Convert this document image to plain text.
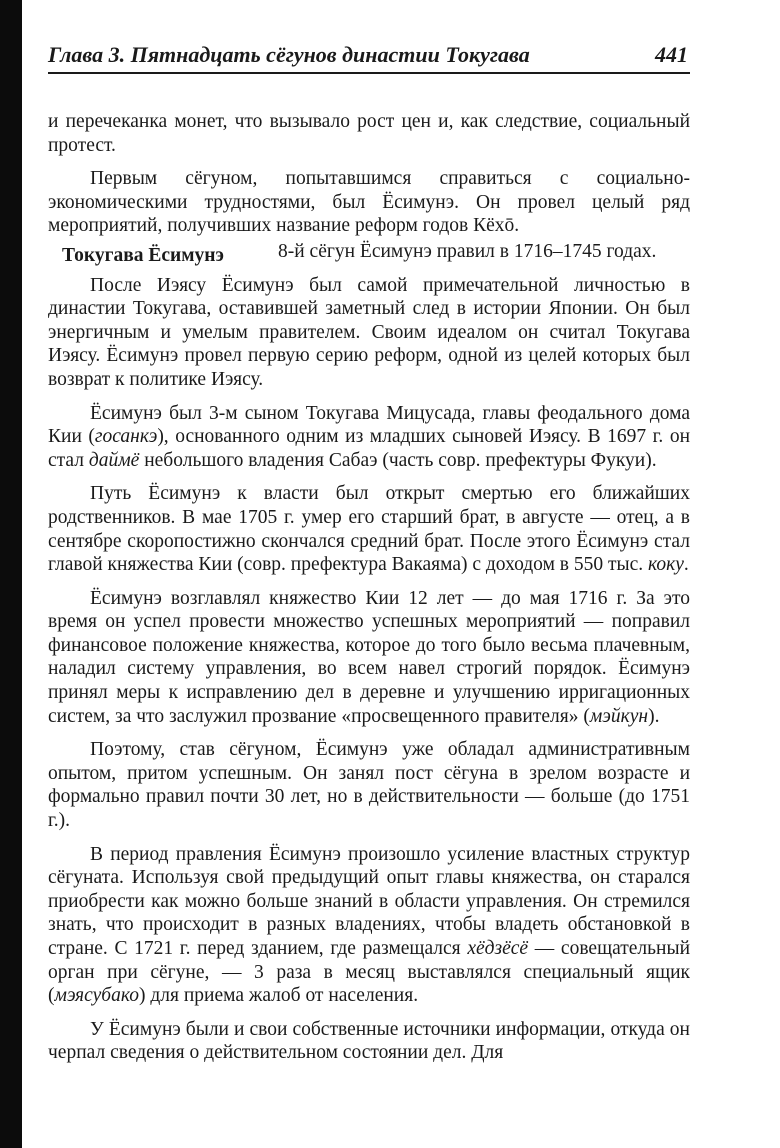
Глава 3. Пятнадцать сёгунов династии Токугава	441

и перечеканка монет, что вызывало рост цен и, как следствие, социальный протест.

Первым сёгуном, попытавшимся справиться с социально-экономическими трудностями, был Ёсимунэ. Он провел целый ряд мероприятий, получивших название реформ годов Кёхō.

Токугава Ёсимунэ	8-й сёгун Ёсимунэ правил в 1716–1745 годах.

После Иэясу Ёсимунэ был самой примечательной личностью в династии Токугава, оставившей заметный след в истории Японии. Он был энергичным и умелым правителем. Своим идеалом он считал Токугава Иэясу. Ёсимунэ провел первую серию реформ, одной из целей которых был возврат к политике Иэясу.

Ёсимунэ был 3-м сыном Токугава Мицусада, главы феодального дома Кии (госанкэ), основанного одним из младших сыновей Иэясу. В 1697 г. он стал даймё небольшого владения Сабаэ (часть совр. префектуры Фукуи).

Путь Ёсимунэ к власти был открыт смертью его ближайших родственников. В мае 1705 г. умер его старший брат, в августе — отец, а в сентябре скоропостижно скончался средний брат. После этого Ёсимунэ стал главой княжества Кии (совр. префектура Вакаяма) с доходом в 550 тыс. коку.

Ёсимунэ возглавлял княжество Кии 12 лет — до мая 1716 г. За это время он успел провести множество успешных мероприятий — поправил финансовое положение княжества, которое до того было весьма плачевным, наладил систему управления, во всем навел строгий порядок. Ёсимунэ принял меры к исправлению дел в деревне и улучшению ирригационных систем, за что заслужил прозвание «просвещенного правителя» (мэйкун).

Поэтому, став сёгуном, Ёсимунэ уже обладал административным опытом, притом успешным. Он занял пост сёгуна в зрелом возрасте и формально правил почти 30 лет, но в действительности — больше (до 1751 г.).

В период правления Ёсимунэ произошло усиление властных структур сёгуната. Используя свой предыдущий опыт главы княжества, он старался приобрести как можно больше знаний в области управления. Он стремился знать, что происходит в разных владениях, чтобы владеть обстановкой в стране. С 1721 г. перед зданием, где размещался хёдзёсё — совещательный орган при сёгуне, — 3 раза в месяц выставлялся специальный ящик (мэясубако) для приема жалоб от населения.

У Ёсимунэ были и свои собственные источники информации, откуда он черпал сведения о действительном состоянии дел. Для
